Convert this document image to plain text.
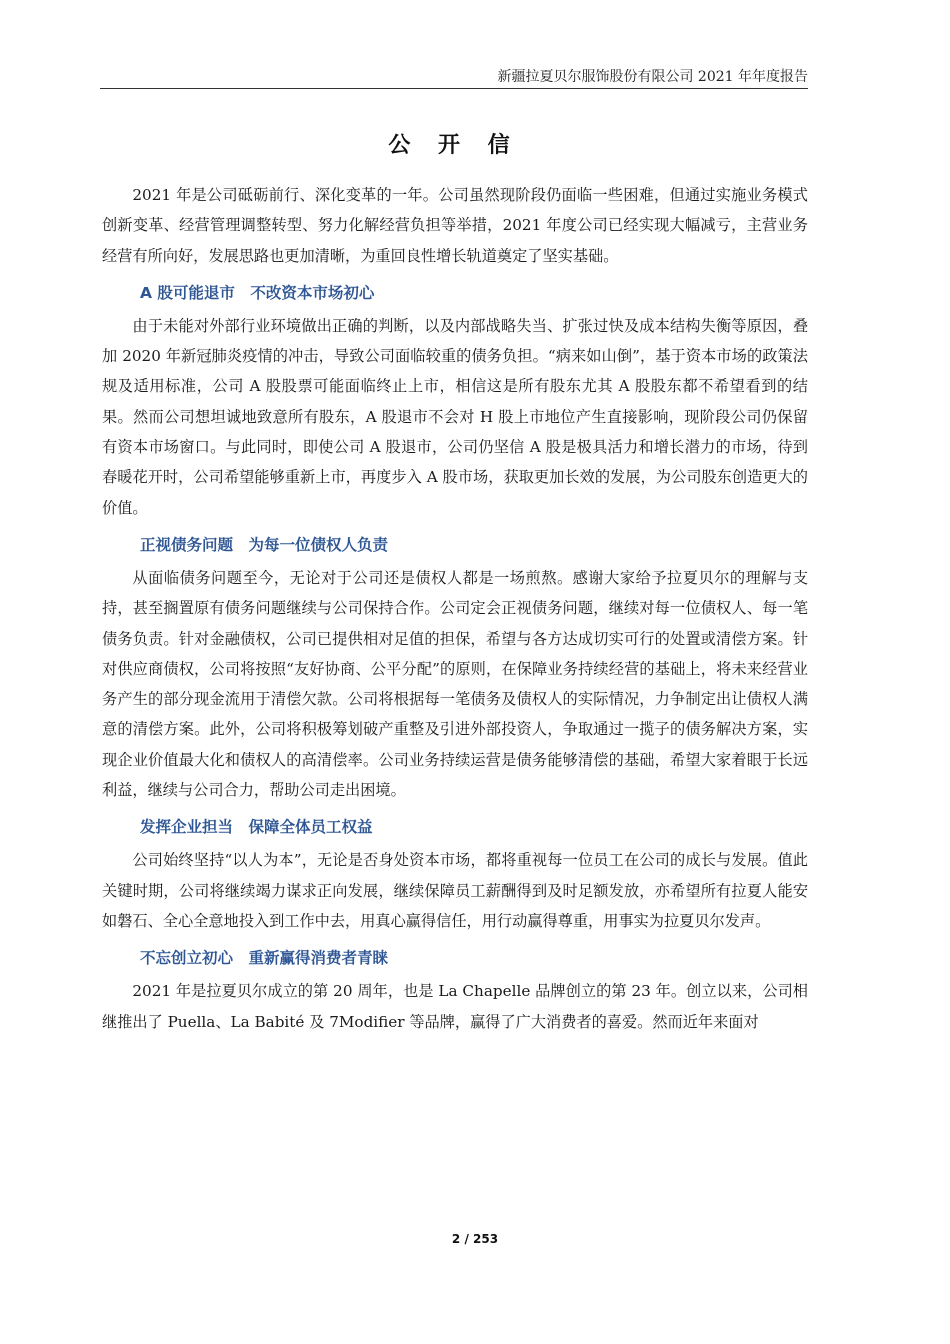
新疆拉夏贝尔服饰股份有限公司 2021 年年度报告
公 开 信

2021 年是公司砥砺前行、深化变革的一年。公司虽然现阶段仍面临一些困难，但通过实施业务模式创新变革、经营管理调整转型、努力化解经营负担等举措，2021 年度公司已经实现大幅减亏，主营业务经营有所向好，发展思路也更加清晰，为重回良性增长轨道奠定了坚实基础。

A 股可能退市　不改资本市场初心

由于未能对外部行业环境做出正确的判断，以及内部战略失当、扩张过快及成本结构失衡等原因，叠加 2020 年新冠肺炎疫情的冲击，导致公司面临较重的债务负担。“病来如山倒”，基于资本市场的政策法规及适用标准，公司 A 股股票可能面临终止上市，相信这是所有股东尤其 A 股股东都不希望看到的结果。然而公司想坦诚地致意所有股东，A 股退市不会对 H 股上市地位产生直接影响，现阶段公司仍保留有资本市场窗口。与此同时，即使公司 A 股退市，公司仍坚信 A 股是极具活力和增长潜力的市场，待到春暖花开时，公司希望能够重新上市，再度步入 A 股市场，获取更加长效的发展，为公司股东创造更大的价值。

正视债务问题　为每一位债权人负责

从面临债务问题至今，无论对于公司还是债权人都是一场煎熬。感谢大家给予拉夏贝尔的理解与支持，甚至搁置原有债务问题继续与公司保持合作。公司定会正视债务问题，继续对每一位债权人、每一笔债务负责。针对金融债权，公司已提供相对足值的担保，希望与各方达成切实可行的处置或清偿方案。针对供应商债权，公司将按照“友好协商、公平分配”的原则，在保障业务持续经营的基础上，将未来经营业务产生的部分现金流用于清偿欠款。公司将根据每一笔债务及债权人的实际情况，力争制定出让债权人满意的清偿方案。此外，公司将积极筹划破产重整及引进外部投资人，争取通过一揽子的债务解决方案，实现企业价值最大化和债权人的高清偿率。公司业务持续运营是债务能够清偿的基础，希望大家着眼于长远利益，继续与公司合力，帮助公司走出困境。

发挥企业担当　保障全体员工权益

公司始终坚持“以人为本”，无论是否身处资本市场，都将重视每一位员工在公司的成长与发展。值此关键时期，公司将继续竭力谋求正向发展，继续保障员工薪酬得到及时足额发放，亦希望所有拉夏人能安如磐石、全心全意地投入到工作中去，用真心赢得信任，用行动赢得尊重，用事实为拉夏贝尔发声。

不忘创立初心　重新赢得消费者青睐

2021 年是拉夏贝尔成立的第 20 周年，也是 La Chapelle 品牌创立的第 23 年。创立以来，公司相继推出了 Puella、La Babité 及 7Modifier 等品牌，赢得了广大消费者的喜爱。然而近年来面对

2 / 253
